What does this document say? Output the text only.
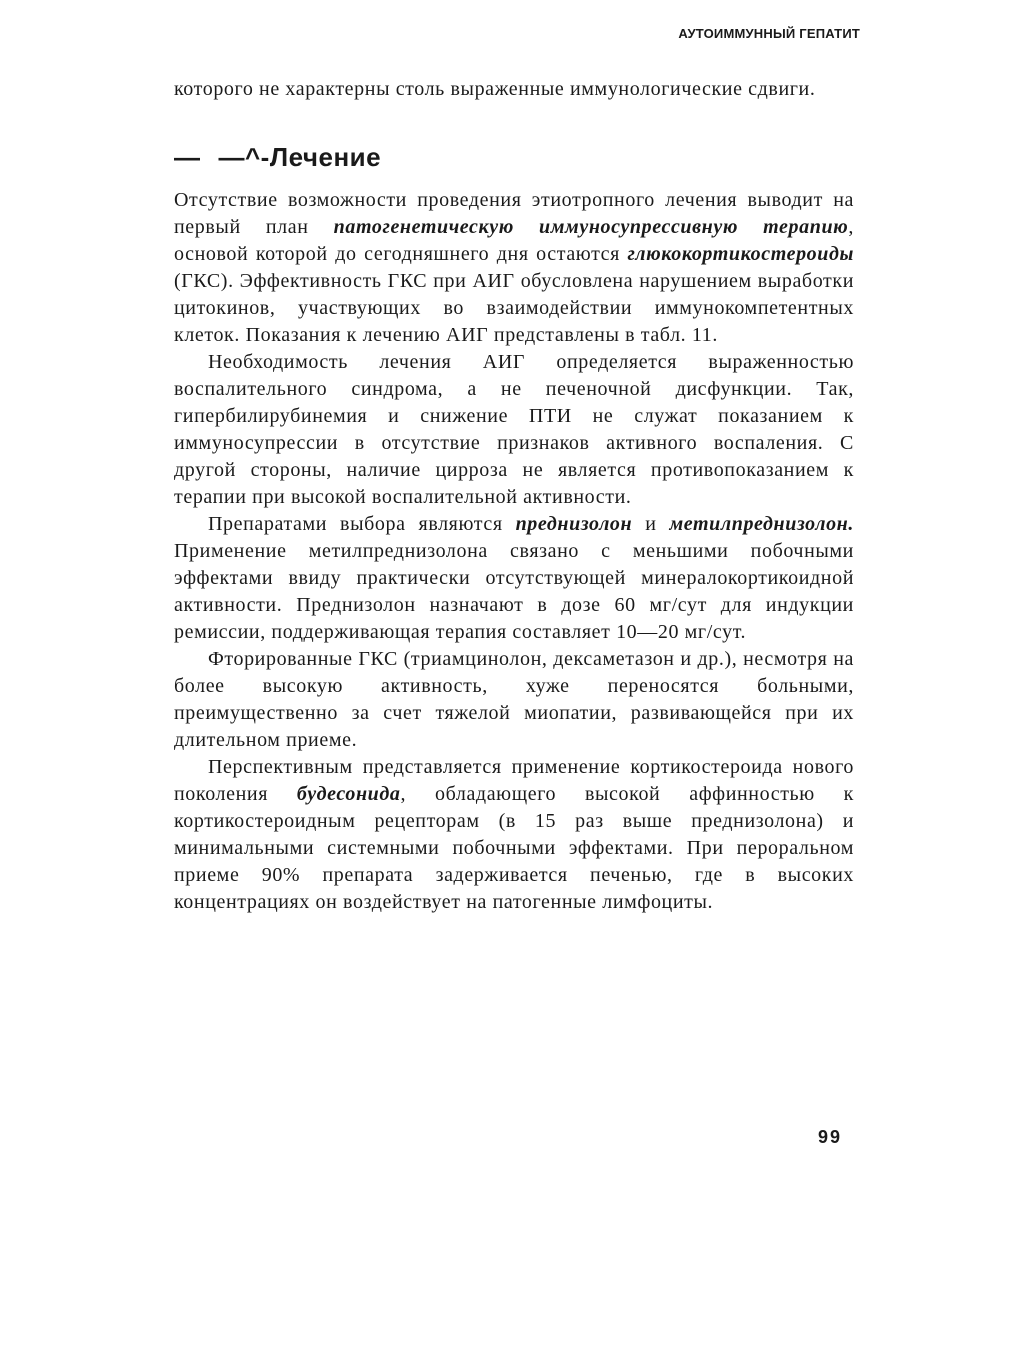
АУТОИММУННЫЙ ГЕПАТИТ

которого не характерны столь выраженные иммунологические сдвиги.

— —^-Лечение

Отсутствие возможности проведения этиотропного лечения выводит на первый план патогенетическую иммуносупрессивную терапию, основой которой до сегодняшнего дня остаются глюкокортикостероиды (ГКС). Эффективность ГКС при АИГ обусловлена нарушением выработки цитокинов, участвующих во взаимодействии иммунокомпетентных клеток. Показания к лечению АИГ представлены в табл. 11.

Необходимость лечения АИГ определяется выраженностью воспалительного синдрома, а не печеночной дисфункции. Так, гипербилирубинемия и снижение ПТИ не служат показанием к иммуносупрессии в отсутствие признаков активного воспаления. С другой стороны, наличие цирроза не является противопоказанием к терапии при высокой воспалительной активности.

Препаратами выбора являются преднизолон и метилпреднизолон. Применение метилпреднизолона связано с меньшими побочными эффектами ввиду практически отсутствующей минералокортикоидной активности. Преднизолон назначают в дозе 60 мг/сут для индукции ремиссии, поддерживающая терапия составляет 10—20 мг/сут.

Фторированные ГКС (триамцинолон, дексаметазон и др.), несмотря на более высокую активность, хуже переносятся больными, преимущественно за счет тяжелой миопатии, развивающейся при их длительном приеме.

Перспективным представляется применение кортикостероида нового поколения будесонида, обладающего высокой аффинностью к кортикостероидным рецепторам (в 15 раз выше преднизолона) и минимальными системными побочными эффектами. При пероральном приеме 90% препарата задерживается печенью, где в высоких концентрациях он воздействует на патогенные лимфоциты.

99
